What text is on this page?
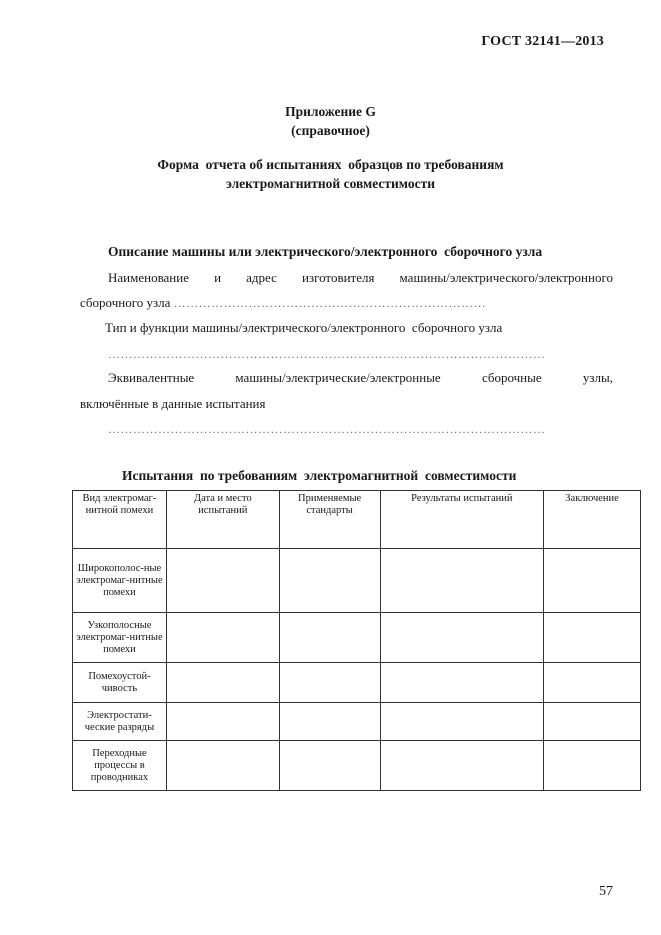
ГОСТ 32141—2013
Приложение G
(справочное)
Форма  отчета об испытаниях  образцов по требованиям
электромагнитной совместимости
Описание машины или электрического/электронного  сборочного узла
Наименование и адрес изготовителя машины/электрического/электронного
сборочного узла …………………………………………………………………
Тип и функции машины/электрического/электронного  сборочного узла
……………………………………………………………………………………………
Эквивалентные	машины/электрические/электронные	сборочные	узлы,
включённые в данные испытания
……………………………………………………………………………………………
Испытания  по требованиям  электромагнитной  совместимости
Вид электромаг-нитной помехи	Дата и место испытаний	Применяемые стандарты	Результаты испытаний	Заключение
Широкополос-ные электромаг-нитные помехи				
Узкополосные электромаг-нитные помехи				
Помехоустой-чивость				
Электростати-ческие разряды				
Переходные процессы в проводниках				
57
